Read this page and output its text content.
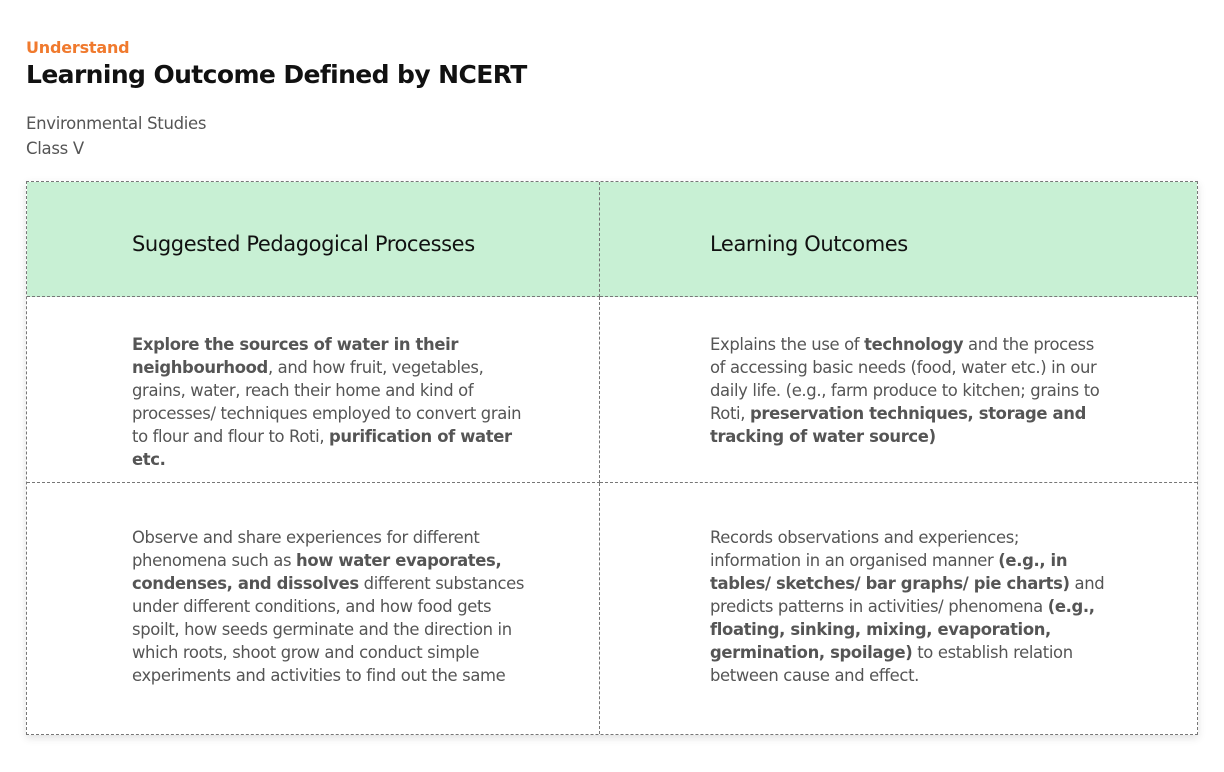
Understand
Learning Outcome Defined by NCERT
Environmental Studies
Class V
Suggested Pedagogical Processes	Learning Outcomes
Explore the sources of water in their neighbourhood, and how fruit, vegetables, grains, water, reach their home and kind of processes/ techniques employed to convert grain to flour and flour to Roti, purification of water etc.
Explains the use of technology and the process of accessing basic needs (food, water etc.) in our daily life. (e.g., farm produce to kitchen; grains to Roti, preservation techniques, storage and tracking of water source)
Observe and share experiences for different phenomena such as how water evaporates, condenses, and dissolves different substances under different conditions, and how food gets spoilt, how seeds germinate and the direction in which roots, shoot grow and conduct simple experiments and activities to find out the same
Records observations and experiences; information in an organised manner (e.g., in tables/ sketches/ bar graphs/ pie charts) and predicts patterns in activities/ phenomena (e.g., floating, sinking, mixing, evaporation, germination, spoilage) to establish relation between cause and effect.
